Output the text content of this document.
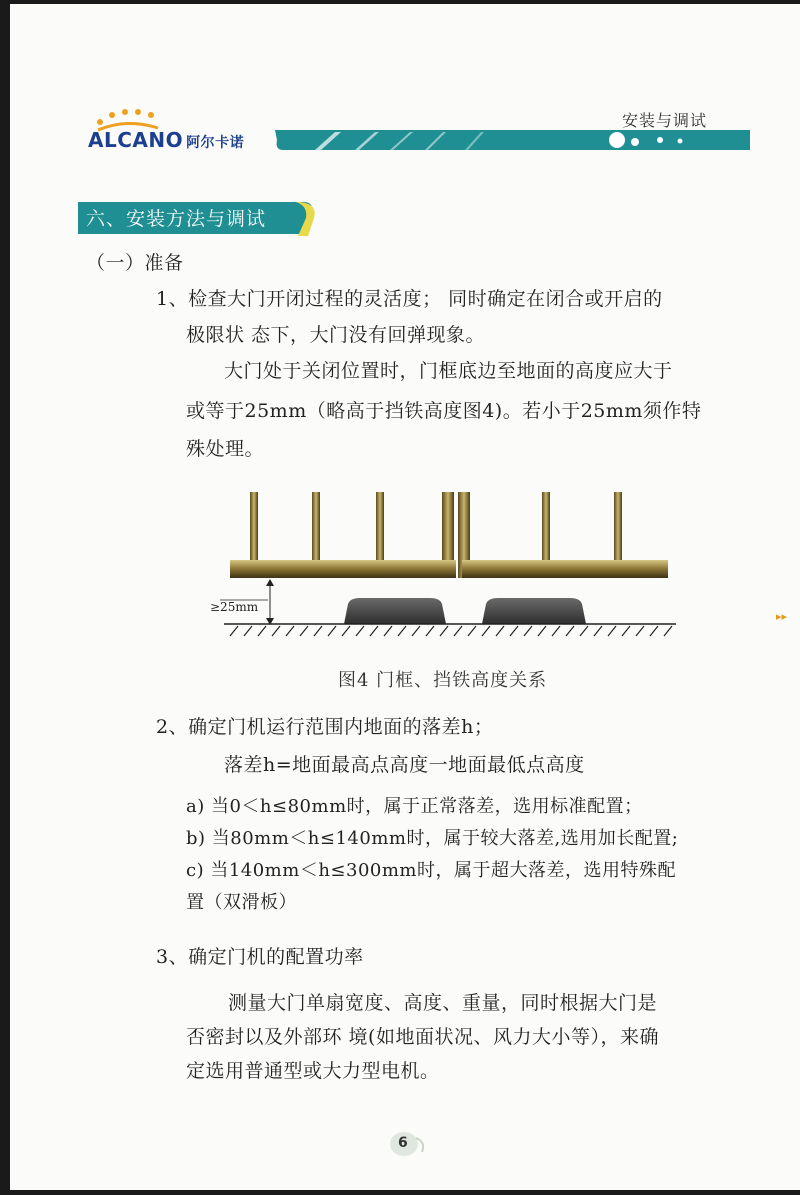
ALCANO 阿尔卡诺
安装与调试
六、安装方法与调试
（一）准备
1、检查大门开闭过程的灵活度； 同时确定在闭合或开启的
极限状 态下，大门没有回弹现象。
大门处于关闭位置时，门框底边至地面的高度应大于
或等于25mm（略高于挡铁高度图4)。若小于25mm须作特
殊处理。
≥25mm
图4 门框、挡铁高度关系
▸▸
2、确定门机运行范围内地面的落差h；
落差h=地面最高点高度一地面最低点高度
a) 当0＜h≤80mm时，属于正常落差，选用标准配置；
b) 当80mm＜h≤140mm时，属于较大落差,选用加长配置;
c) 当140mm＜h≤300mm时，属于超大落差，选用特殊配
置（双滑板）
3、确定门机的配置功率
测量大门单扇宽度、高度、重量，同时根据大门是
否密封以及外部环 境(如地面状况、风力大小等），来确
定选用普通型或大力型电机。
6
